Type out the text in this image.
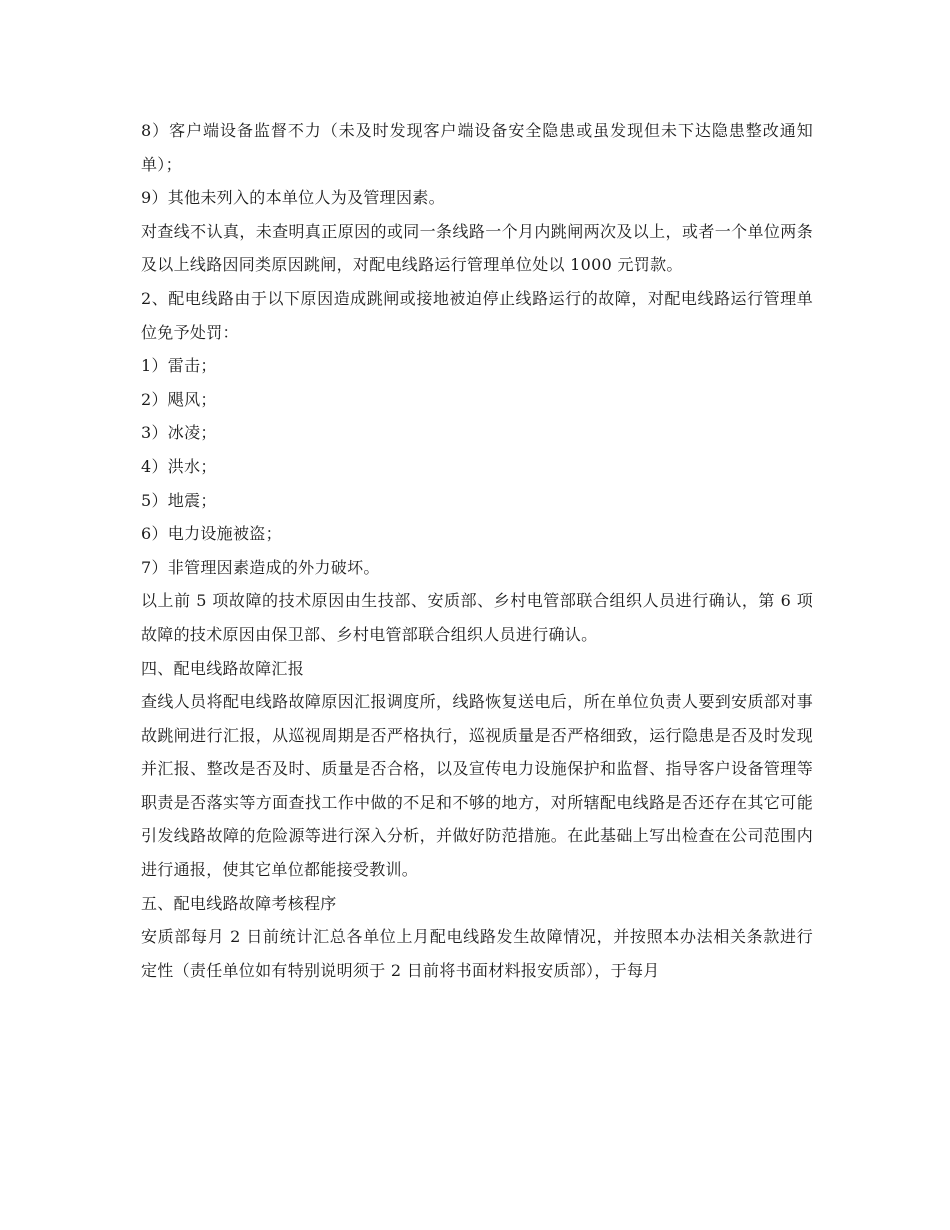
8）客户端设备监督不力（未及时发现客户端设备安全隐患或虽发现但未下达隐患整改通知单）；

9）其他未列入的本单位人为及管理因素。

对查线不认真，未查明真正原因的或同一条线路一个月内跳闸两次及以上，或者一个单位两条及以上线路因同类原因跳闸，对配电线路运行管理单位处以 1000 元罚款。

2、配电线路由于以下原因造成跳闸或接地被迫停止线路运行的故障，对配电线路运行管理单位免予处罚：

1）雷击；

2）飓风；

3）冰凌；

4）洪水；

5）地震；

6）电力设施被盗；

7）非管理因素造成的外力破坏。

以上前 5 项故障的技术原因由生技部、安质部、乡村电管部联合组织人员进行确认，第 6 项故障的技术原因由保卫部、乡村电管部联合组织人员进行确认。

四、配电线路故障汇报

查线人员将配电线路故障原因汇报调度所，线路恢复送电后，所在单位负责人要到安质部对事故跳闸进行汇报，从巡视周期是否严格执行，巡视质量是否严格细致，运行隐患是否及时发现并汇报、整改是否及时、质量是否合格，以及宣传电力设施保护和监督、指导客户设备管理等职责是否落实等方面查找工作中做的不足和不够的地方，对所辖配电线路是否还存在其它可能引发线路故障的危险源等进行深入分析，并做好防范措施。在此基础上写出检查在公司范围内进行通报，使其它单位都能接受教训。

五、配电线路故障考核程序

安质部每月 2 日前统计汇总各单位上月配电线路发生故障情况，并按照本办法相关条款进行定性（责任单位如有特别说明须于 2 日前将书面材料报安质部），于每月
